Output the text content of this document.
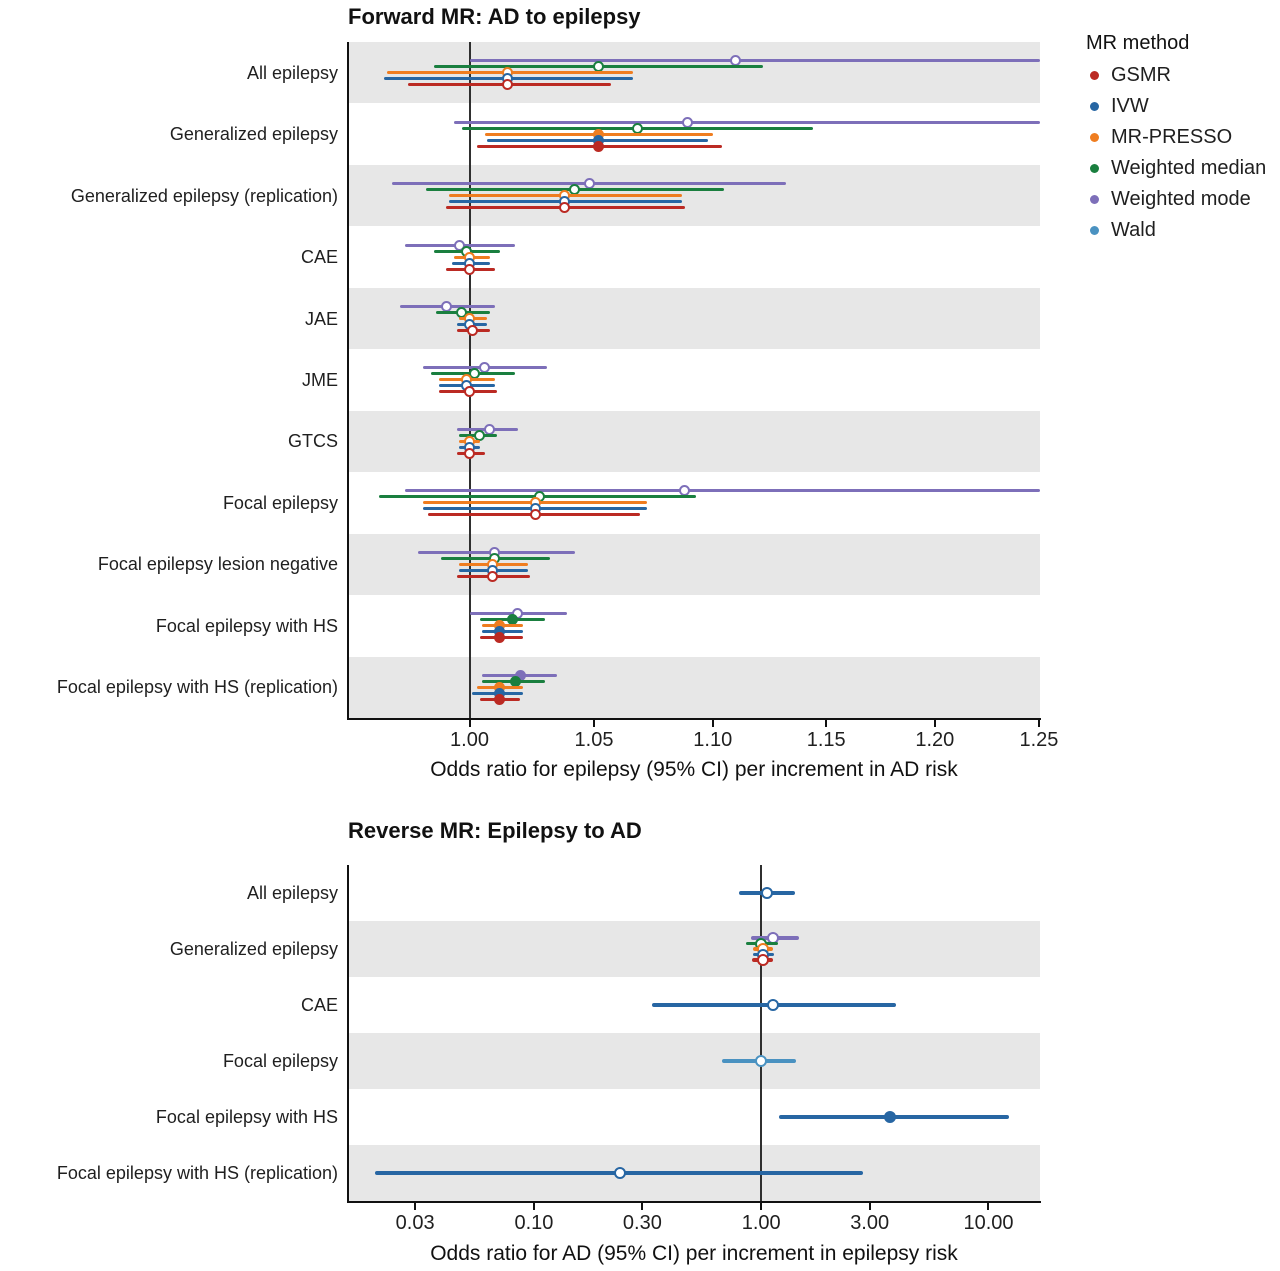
Forward MR: AD to epilepsy
Odds ratio for epilepsy (95% CI) per increment in AD risk
Reverse MR: Epilepsy to AD
Odds ratio for AD (95% CI) per increment in epilepsy risk
MR method
GSMR
IVW
MR-PRESSO
Weighted median
Weighted mode
Wald
All epilepsy
Generalized epilepsy
Generalized epilepsy (replication)
CAE
JAE
JME
GTCS
Focal epilepsy
Focal epilepsy lesion negative
Focal epilepsy with HS
Focal epilepsy with HS (replication)
1.00	1.05	1.10	1.15	1.20	1.25
All epilepsy
Generalized epilepsy
CAE
Focal epilepsy
Focal epilepsy with HS
Focal epilepsy with HS (replication)
0.03	0.10	0.30	1.00	3.00	10.00
